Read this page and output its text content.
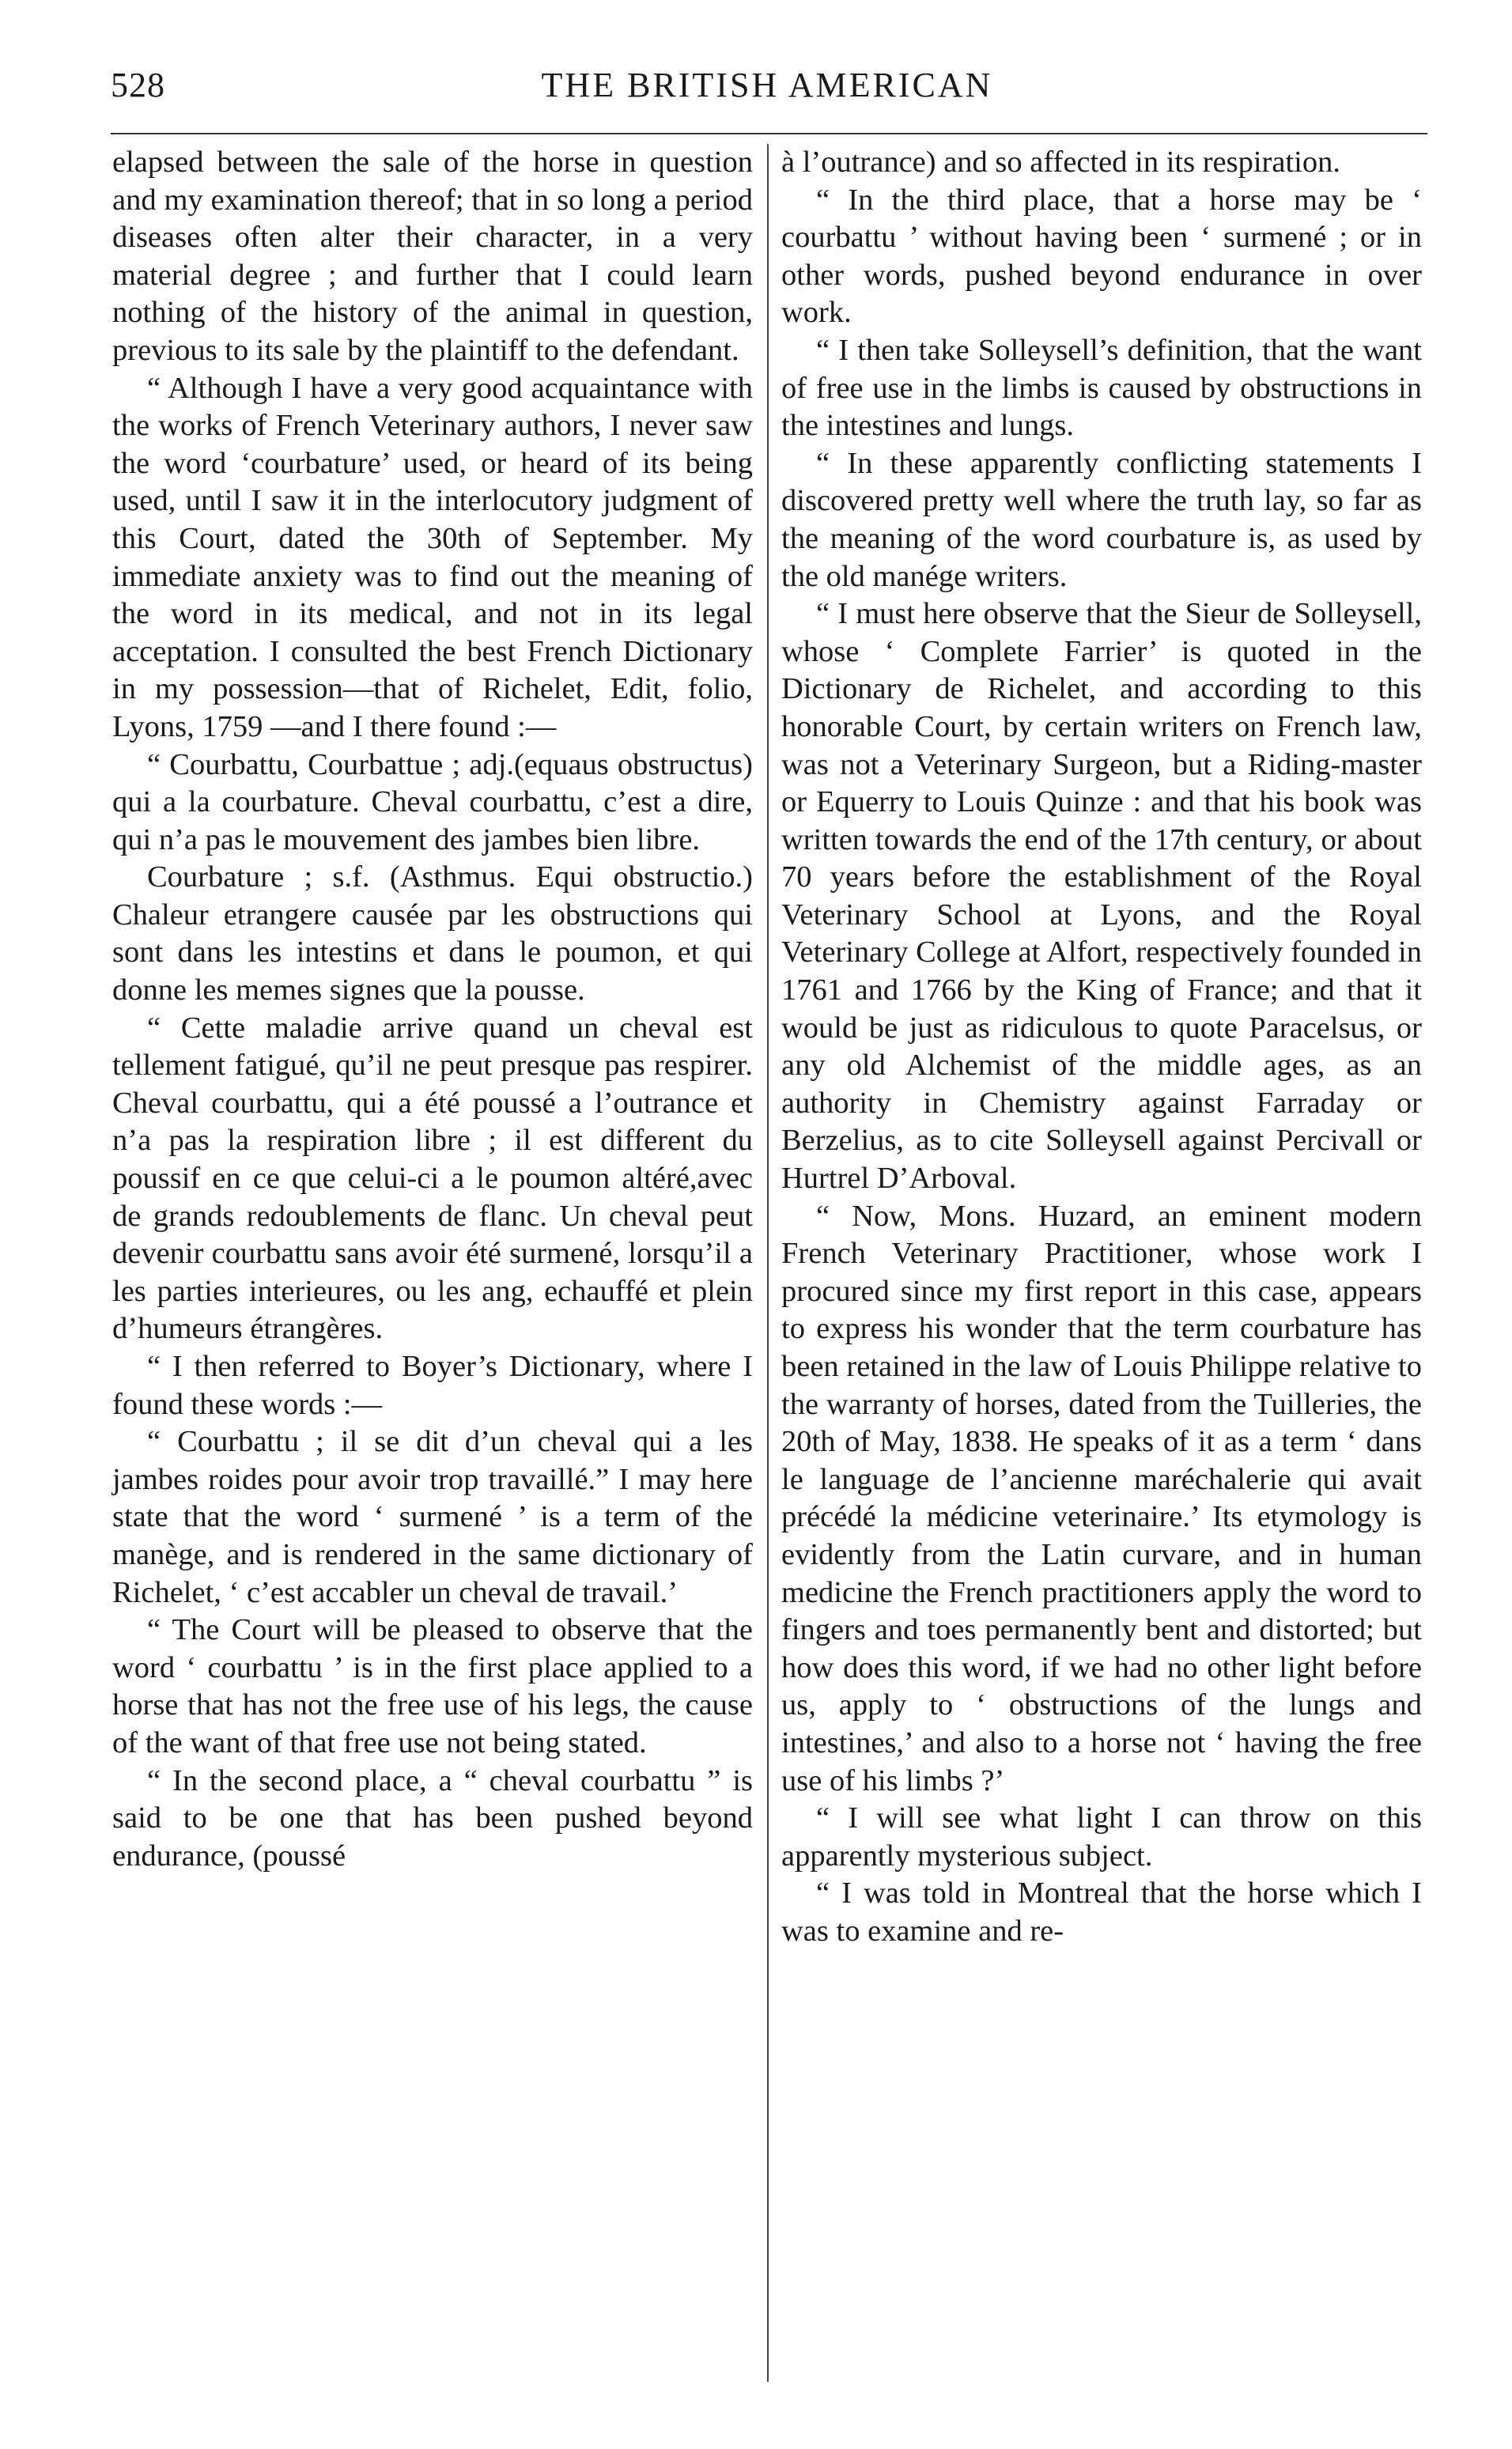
528	THE BRITISH AMERICAN

elapsed between the sale of the horse in question and my examination thereof; that in so long a period diseases often alter their character, in a very material degree ; and further that I could learn nothing of the history of the animal in question, previous to its sale by the plaintiff to the defendant.

“ Although I have a very good acquaintance with the works of French Veterinary authors, I never saw the word ‘courbature’ used, or heard of its being used, until I saw it in the interlocutory judgment of this Court, dated the 30th of September. My immediate anxiety was to find out the meaning of the word in its medical, and not in its legal acceptation. I consulted the best French Dictionary in my possession—that of Richelet, Edit, folio, Lyons, 1759 —and I there found :—

“ Courbattu, Courbattue ; adj.(equaus obstructus) qui a la courbature. Cheval courbattu, c’est a dire, qui n’a pas le mouvement des jambes bien libre.

Courbature ; s.f. (Asthmus. Equi obstructio.) Chaleur etrangere causée par les obstructions qui sont dans les intestins et dans le poumon, et qui donne les memes signes que la pousse.

“ Cette maladie arrive quand un cheval est tellement fatigué, qu’il ne peut presque pas respirer. Cheval courbattu, qui a été poussé a l’outrance et n’a pas la respiration libre ; il est different du poussif en ce que celui-ci a le poumon altéré,avec de grands redoublements de flanc. Un cheval peut devenir courbattu sans avoir été surmené, lorsqu’il a les parties interieures, ou les ang, echauffé et plein d’humeurs étrangères.

“ I then referred to Boyer’s Dictionary, where I found these words :—

“ Courbattu ; il se dit d’un cheval qui a les jambes roides pour avoir trop travaillé.” I may here state that the word ‘ surmené ’ is a term of the manège, and is rendered in the same dictionary of Richelet, ‘ c’est accabler un cheval de travail.’

“ The Court will be pleased to observe that the word ‘ courbattu ’ is in the first place applied to a horse that has not the free use of his legs, the cause of the want of that free use not being stated.

“ In the second place, a “ cheval courbattu ” is said to be one that has been pushed beyond endurance, (poussé

à l’outrance) and so affected in its respiration.

“ In the third place, that a horse may be ‘ courbattu ’ without having been ‘ surmené ; or in other words, pushed beyond endurance in over work.

“ I then take Solleysell’s definition, that the want of free use in the limbs is caused by obstructions in the intestines and lungs.

“ In these apparently conflicting statements I discovered pretty well where the truth lay, so far as the meaning of the word courbature is, as used by the old manége writers.

“ I must here observe that the Sieur de Solleysell, whose ‘ Complete Farrier’ is quoted in the Dictionary de Richelet, and according to this honorable Court, by certain writers on French law, was not a Veterinary Surgeon, but a Riding-master or Equerry to Louis Quinze : and that his book was written towards the end of the 17th century, or about 70 years before the establishment of the Royal Veterinary School at Lyons, and the Royal Veterinary College at Alfort, respectively founded in 1761 and 1766 by the King of France; and that it would be just as ridiculous to quote Paracelsus, or any old Alchemist of the middle ages, as an authority in Chemistry against Farraday or Berzelius, as to cite Solleysell against Percivall or Hurtrel D’Arboval.

“ Now, Mons. Huzard, an eminent modern French Veterinary Practitioner, whose work I procured since my first report in this case, appears to express his wonder that the term courbature has been retained in the law of Louis Philippe relative to the warranty of horses, dated from the Tuilleries, the 20th of May, 1838. He speaks of it as a term ‘ dans le language de l’ancienne maréchalerie qui avait précédé la médicine veterinaire.’ Its etymology is evidently from the Latin curvare, and in human medicine the French practitioners apply the word to fingers and toes permanently bent and distorted; but how does this word, if we had no other light before us, apply to ‘ obstructions of the lungs and intestines,’ and also to a horse not ‘ having the free use of his limbs ?’

“ I will see what light I can throw on this apparently mysterious subject.

“ I was told in Montreal that the horse which I was to examine and re-
